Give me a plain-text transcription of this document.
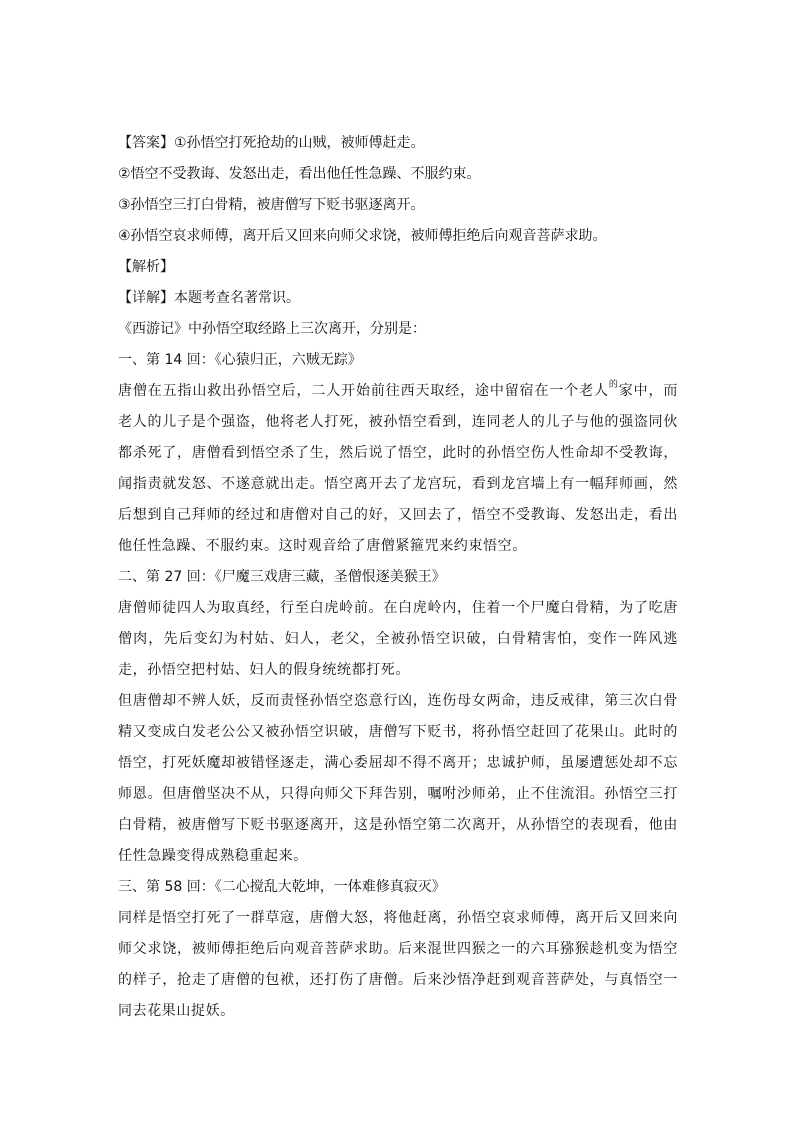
【答案】①孙悟空打死抢劫的山贼，被师傅赶走。
②悟空不受教诲、发怒出走，看出他任性急躁、不服约束。
③孙悟空三打白骨精，被唐僧写下贬书驱逐离开。
④孙悟空哀求师傅，离开后又回来向师父求饶，被师傅拒绝后向观音菩萨求助。
【解析】
【详解】本题考查名著常识。
《西游记》中孙悟空取经路上三次离开，分别是：
一、第 14 回：《心猿归正，六贼无踪》
唐僧在五指山救出孙悟空后，二人开始前往西天取经，途中留宿在一个老人$^的$家中，而老人的儿子是个强盗，他将老人打死，被孙悟空看到，连同老人的儿子与他的强盗同伙都杀死了，唐僧看到悟空杀了生，然后说了悟空，此时的孙悟空伤人性命却不受教诲，闻指责就发怒、不遂意就出走。悟空离开去了龙宫玩，看到龙宫墙上有一幅拜师画，然后想到自己拜师的经过和唐僧对自己的好，又回去了，悟空不受教诲、发怒出走，看出他任性急躁、不服约束。这时观音给了唐僧紧箍咒来约束悟空。
二、第 27 回：《尸魔三戏唐三藏，圣僧恨逐美猴王》
唐僧师徒四人为取真经，行至白虎岭前。在白虎岭内，住着一个尸魔白骨精，为了吃唐僧肉，先后变幻为村姑、妇人，老父，全被孙悟空识破，白骨精害怕，变作一阵风逃走，孙悟空把村姑、妇人的假身统统都打死。
但唐僧却不辨人妖，反而责怪孙悟空恣意行凶，连伤母女两命，违反戒律，第三次白骨精又变成白发老公公又被孙悟空识破，唐僧写下贬书，将孙悟空赶回了花果山。此时的悟空，打死妖魔却被错怪逐走，满心委屈却不得不离开；忠诚护师，虽屡遭惩处却不忘师恩。但唐僧坚决不从，只得向师父下拜告别，嘱咐沙师弟，止不住流泪。孙悟空三打白骨精，被唐僧写下贬书驱逐离开，这是孙悟空第二次离开，从孙悟空的表现看，他由任性急躁变得成熟稳重起来。
三、第 58 回：《二心搅乱大乾坤，一体难修真寂灭》
同样是悟空打死了一群草寇，唐僧大怒，将他赶离，孙悟空哀求师傅，离开后又回来向师父求饶，被师傅拒绝后向观音菩萨求助。后来混世四猴之一的六耳猕猴趁机变为悟空的样子，抢走了唐僧的包袱，还打伤了唐僧。后来沙悟净赶到观音菩萨处，与真悟空一同去花果山捉妖。
